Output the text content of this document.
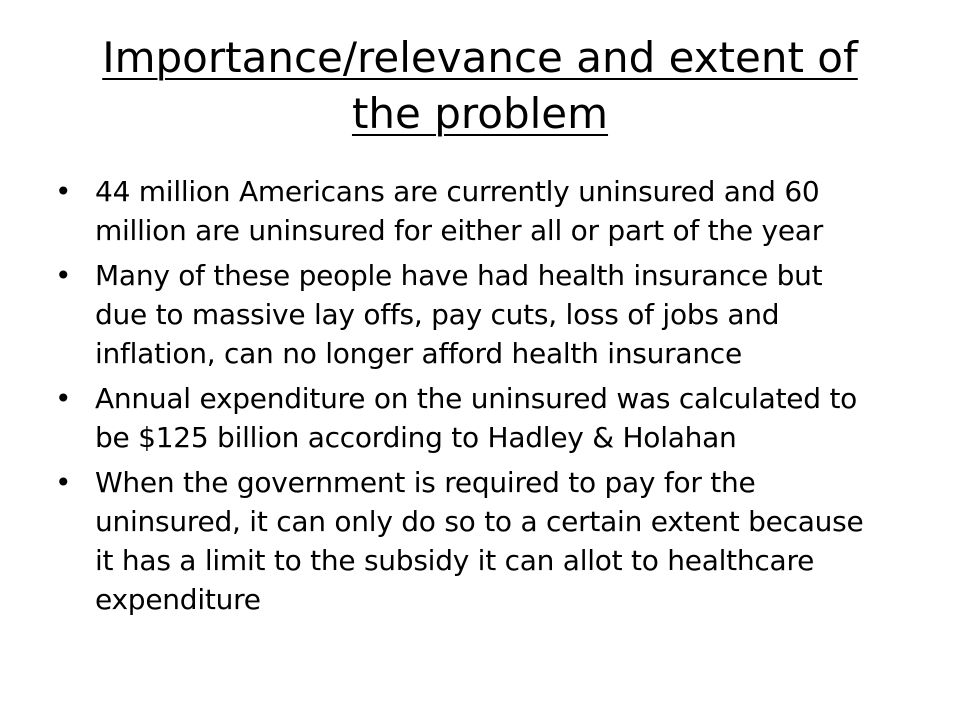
Importance/relevance and extent of
the problem
• 44 million Americans are currently uninsured and 60
million are uninsured for either all or part of the year
• Many of these people have had health insurance but
due to massive lay offs, pay cuts, loss of jobs and
inflation, can no longer afford health insurance
• Annual expenditure on the uninsured was calculated to
be $125 billion according to Hadley & Holahan
• When the government is required to pay for the
uninsured, it can only do so to a certain extent because
it has a limit to the subsidy it can allot to healthcare
expenditure
